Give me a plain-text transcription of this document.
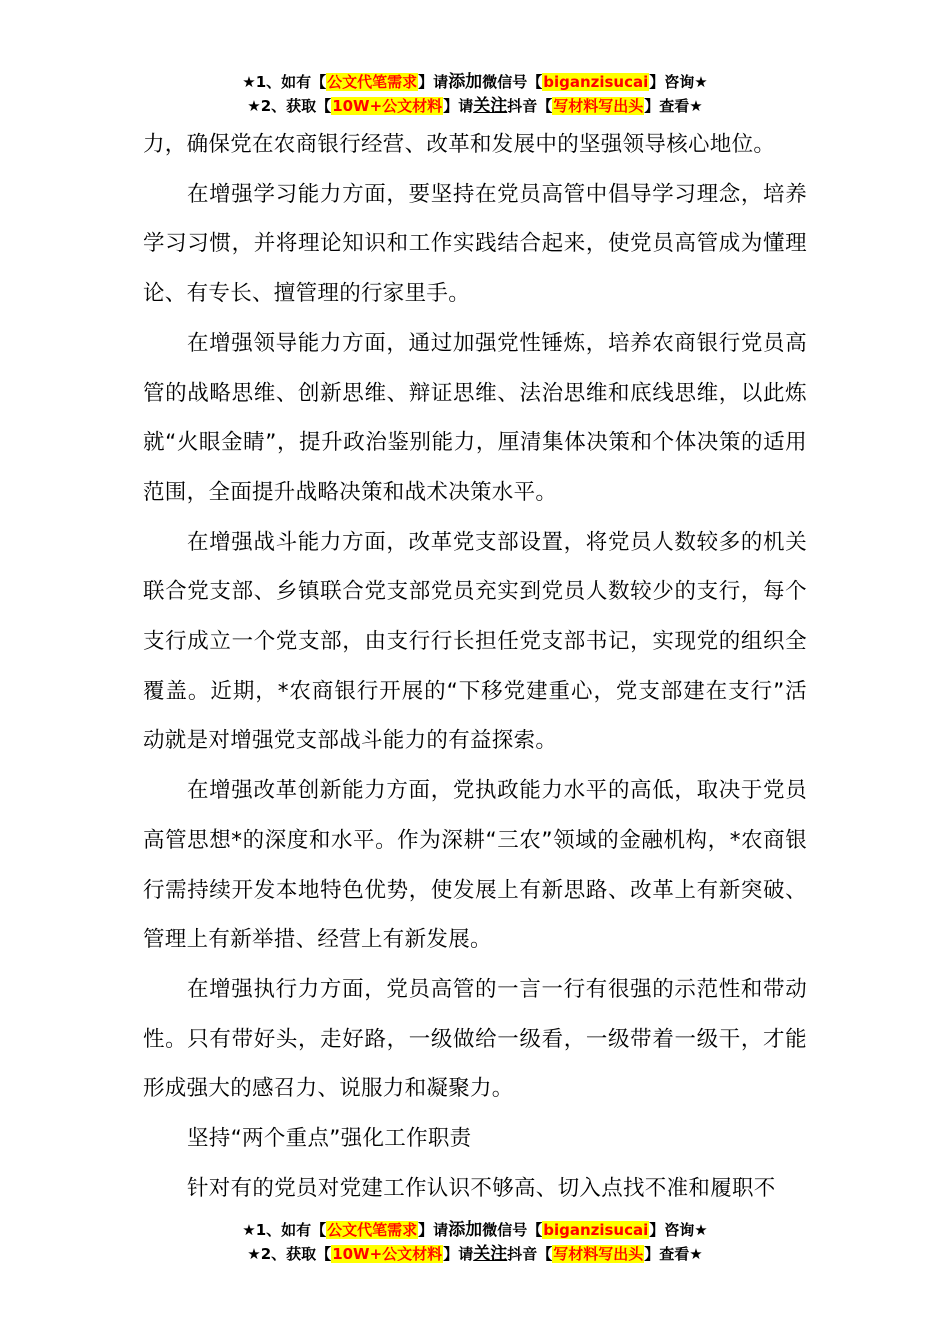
★1、如有【公文代笔需求】请添加微信号【biganzisucai】咨询★
★2、获取【10W+公文材料】请关注抖音【写材料写出头】查看★

力，确保党在农商银行经营、改革和发展中的坚强领导核心地位。

在增强学习能力方面，要坚持在党员高管中倡导学习理念，培养学习习惯，并将理论知识和工作实践结合起来，使党员高管成为懂理论、有专长、擅管理的行家里手。

在增强领导能力方面，通过加强党性锤炼，培养农商银行党员高管的战略思维、创新思维、辩证思维、法治思维和底线思维，以此炼就“火眼金睛”，提升政治鉴别能力，厘清集体决策和个体决策的适用范围，全面提升战略决策和战术决策水平。

在增强战斗能力方面，改革党支部设置，将党员人数较多的机关联合党支部、乡镇联合党支部党员充实到党员人数较少的支行，每个支行成立一个党支部，由支行行长担任党支部书记，实现党的组织全覆盖。近期，*农商银行开展的“下移党建重心，党支部建在支行”活动就是对增强党支部战斗能力的有益探索。

在增强改革创新能力方面，党执政能力水平的高低，取决于党员高管思想*的深度和水平。作为深耕“三农”领域的金融机构，*农商银行需持续开发本地特色优势，使发展上有新思路、改革上有新突破、管理上有新举措、经营上有新发展。

在增强执行力方面，党员高管的一言一行有很强的示范性和带动性。只有带好头，走好路，一级做给一级看，一级带着一级干，才能形成强大的感召力、说服力和凝聚力。

坚持“两个重点”强化工作职责

针对有的党员对党建工作认识不够高、切入点找不准和履职不

★1、如有【公文代笔需求】请添加微信号【biganzisucai】咨询★
★2、获取【10W+公文材料】请关注抖音【写材料写出头】查看★
